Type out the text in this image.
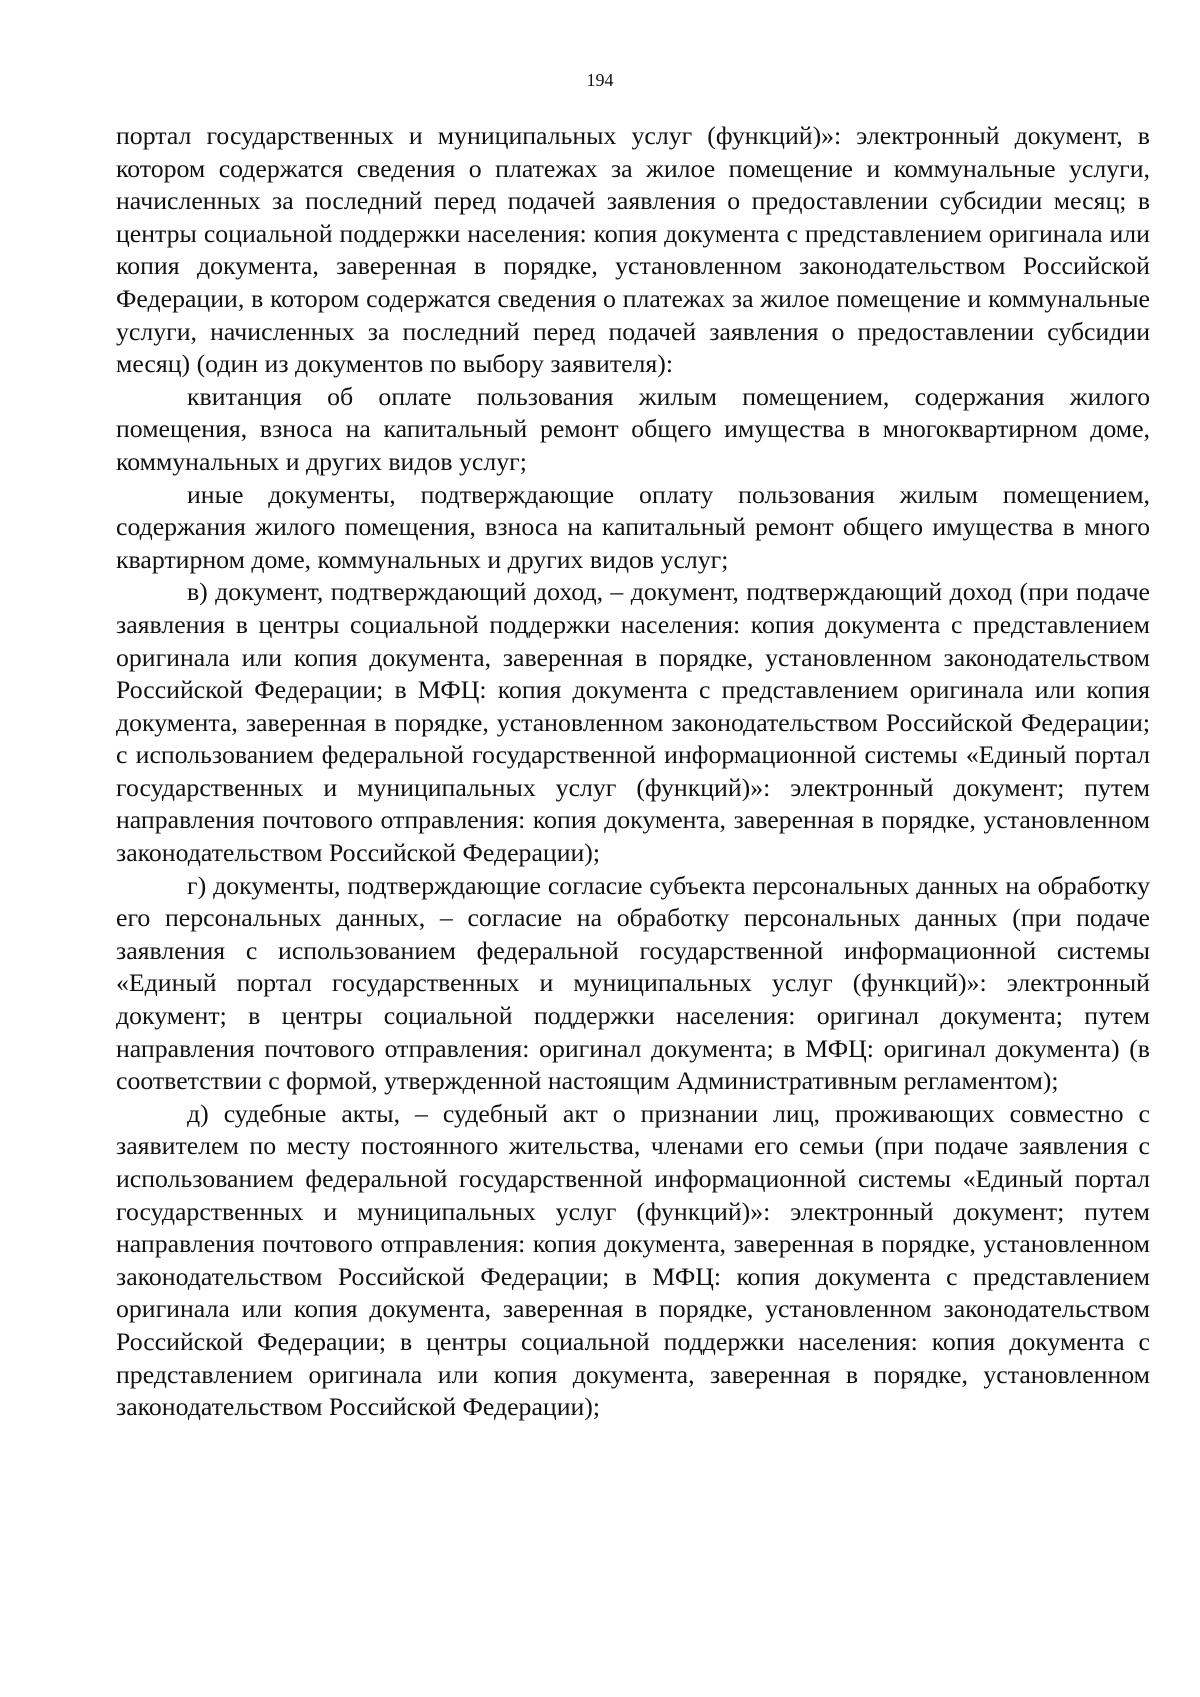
194

портал государственных и муниципальных услуг (функций)»: электронный документ, в котором содержатся сведения о платежах за жилое помещение и коммунальные услуги, начисленных за последний перед подачей заявления о предоставлении субсидии месяц; в центры социальной поддержки населения: копия документа с представлением оригинала или копия документа, заверенная в порядке, установленном законодательством Российской Федерации, в котором содержатся сведения о платежах за жилое помещение и коммунальные услуги, начисленных за последний перед подачей заявления о предоставлении субсидии месяц) (один из документов по выбору заявителя):

квитанция об оплате пользования жилым помещением, содержания жилого помещения, взноса на капитальный ремонт общего имущества в многоквартирном доме, коммунальных и других видов услуг;

иные документы, подтверждающие оплату пользования жилым помещением, содержания жилого помещения, взноса на капитальный ремонт общего имущества в много квартирном доме, коммунальных и других видов услуг;

в) документ, подтверждающий доход, – документ, подтверждающий доход (при подаче заявления в центры социальной поддержки населения: копия документа с представлением оригинала или копия документа, заверенная в порядке, установленном законодательством Российской Федерации; в МФЦ: копия документа с представлением оригинала или копия документа, заверенная в порядке, установленном законодательством Российской Федерации; с использованием федеральной государственной информационной системы «Единый портал государственных и муниципальных услуг (функций)»: электронный документ; путем направления почтового отправления: копия документа, заверенная в порядке, установленном законодательством Российской Федерации);

г) документы, подтверждающие согласие субъекта персональных данных на обработку его персональных данных, – согласие на обработку персональных данных (при подаче заявления с использованием федеральной государственной информационной системы «Единый портал государственных и муниципальных услуг (функций)»: электронный документ; в центры социальной поддержки населения: оригинал документа; путем направления почтового отправления: оригинал документа; в МФЦ: оригинал документа) (в соответствии с формой, утвержденной настоящим Административным регламентом);

д) судебные акты, – судебный акт о признании лиц, проживающих совместно с заявителем по месту постоянного жительства, членами его семьи (при подаче заявления с использованием федеральной государственной информационной системы «Единый портал государственных и муниципальных услуг (функций)»: электронный документ; путем направления почтового отправления: копия документа, заверенная в порядке, установленном законодательством Российской Федерации; в МФЦ: копия документа с представлением оригинала или копия документа, заверенная в порядке, установленном законодательством Российской Федерации; в центры социальной поддержки населения: копия документа с представлением оригинала или копия документа, заверенная в порядке, установленном законодательством Российской Федерации);
